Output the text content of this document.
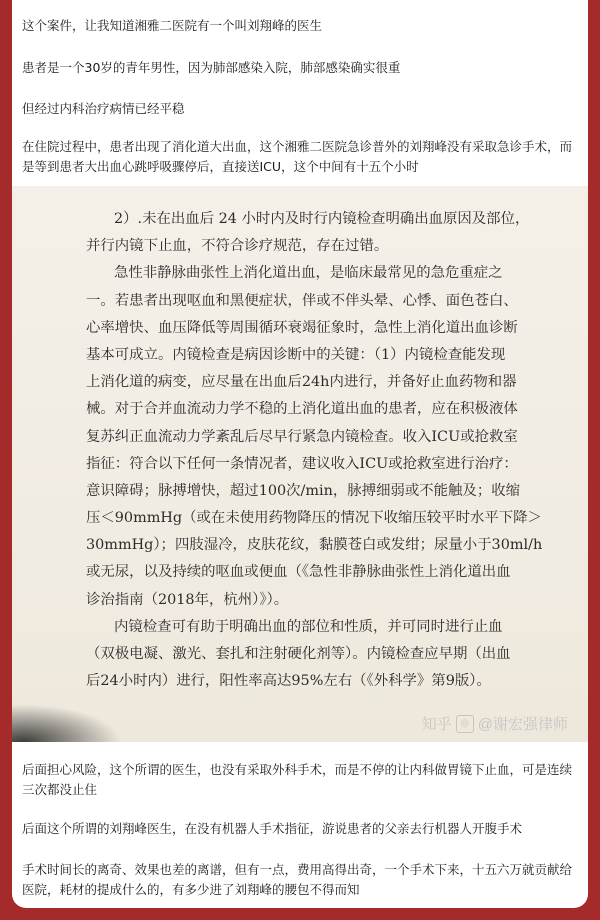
这个案件，让我知道湘雅二医院有一个叫刘翔峰的医生
患者是一个30岁的青年男性，因为肺部感染入院，肺部感染确实很重
但经过内科治疗病情已经平稳
在住院过程中，患者出现了消化道大出血，这个湘雅二医院急诊普外的刘翔峰没有采取急诊手术，而是等到患者大出血心跳呼吸骤停后，直接送ICU，这个中间有十五个小时
2）.未在出血后 24 小时内及时行内镜检查明确出血原因及部位，
并行内镜下止血，不符合诊疗规范，存在过错。
急性非静脉曲张性上消化道出血，是临床最常见的急危重症之
一。若患者出现呕血和黑便症状，伴或不伴头晕、心悸、面色苍白、
心率增快、血压降低等周围循环衰竭征象时，急性上消化道出血诊断
基本可成立。内镜检查是病因诊断中的关键：（1）内镜检查能发现
上消化道的病变，应尽量在出血后24h内进行，并备好止血药物和器
械。对于合并血流动力学不稳的上消化道出血的患者，应在积极液体
复苏纠正血流动力学紊乱后尽早行紧急内镜检查。收入ICU或抢救室
指征：符合以下任何一条情况者，建议收入ICU或抢救室进行治疗：
意识障碍；脉搏增快，超过100次/min，脉搏细弱或不能触及；收缩
压＜90mmHg（或在未使用药物降压的情况下收缩压较平时水平下降＞
30mmHg）；四肢湿冷，皮肤花纹，黏膜苍白或发绀；尿量小于30ml/h
或无尿，以及持续的呕血或便血（《急性非静脉曲张性上消化道出血
诊治指南（2018年，杭州）》）。
内镜检查可有助于明确出血的部位和性质，并可同时进行止血
（双极电凝、激光、套扎和注射硬化剂等）。内镜检查应早期（出血
后24小时内）进行，阳性率高达95%左右（《外科学》第9版）。
知乎 ◎ @谢宏强律师
后面担心风险，这个所谓的医生，也没有采取外科手术，而是不停的让内科做胃镜下止血，可是连续三次都没止住
后面这个所谓的刘翔峰医生，在没有机器人手术指征，游说患者的父亲去行机器人开腹手术
手术时间长的离奇、效果也差的离谱，但有一点，费用高得出奇，一个手术下来，十五六万就贡献给医院，耗材的提成什么的，有多少进了刘翔峰的腰包不得而知
